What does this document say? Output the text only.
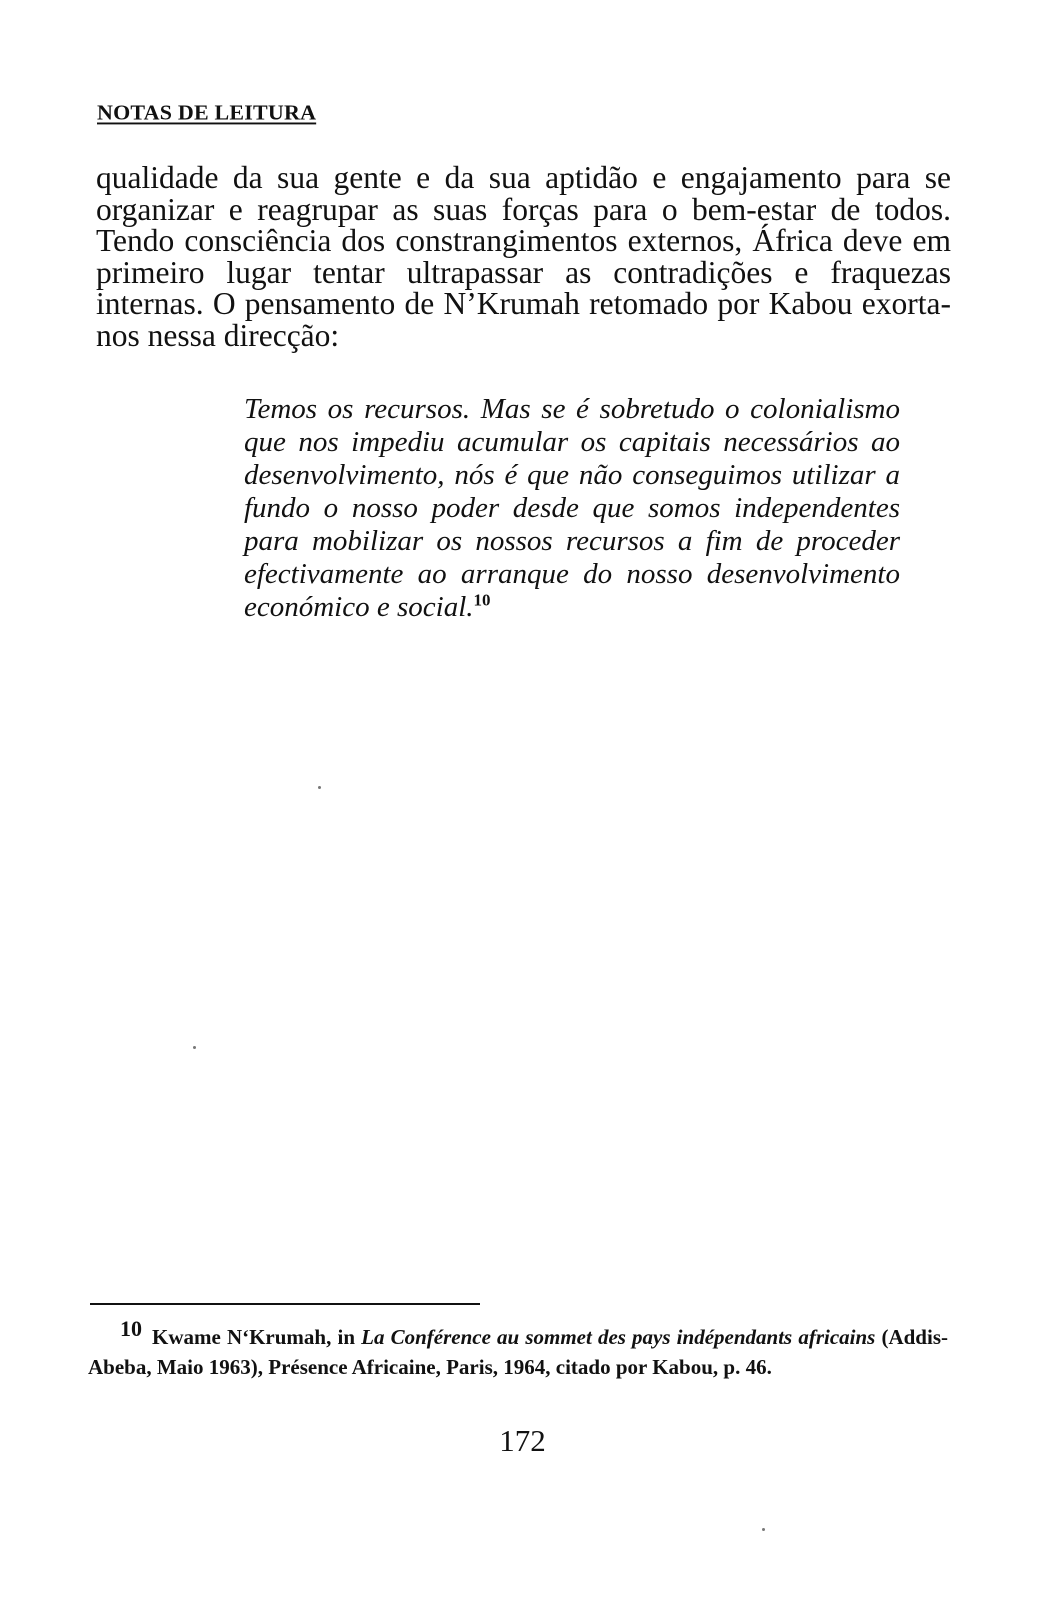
NOTAS DE LEITURA

qualidade da sua gente e da sua aptidão e engajamento para se organizar e reagrupar as suas forças para o bem-estar de todos. Tendo consciência dos constrangimentos externos, África deve em primeiro lugar tentar ultrapassar as contradições e fraquezas internas. O pensamento de N’Krumah retomado por Kabou exorta-nos nessa direcção:

Temos os recursos. Mas se é sobretudo o colonialismo que nos impediu acumular os capitais necessários ao desenvolvimento, nós é que não conseguimos utilizar a fundo o nosso poder desde que somos independentes para mobilizar os nossos recursos a fim de proceder efectivamente ao arranque do nosso desenvolvimento económico e social.$^{10}$

10 Kwame N‘Krumah, in La Conférence au sommet des pays indépendants africains (Addis-Abeba, Maio 1963), Présence Africaine, Paris, 1964, citado por Kabou, p. 46.

172
